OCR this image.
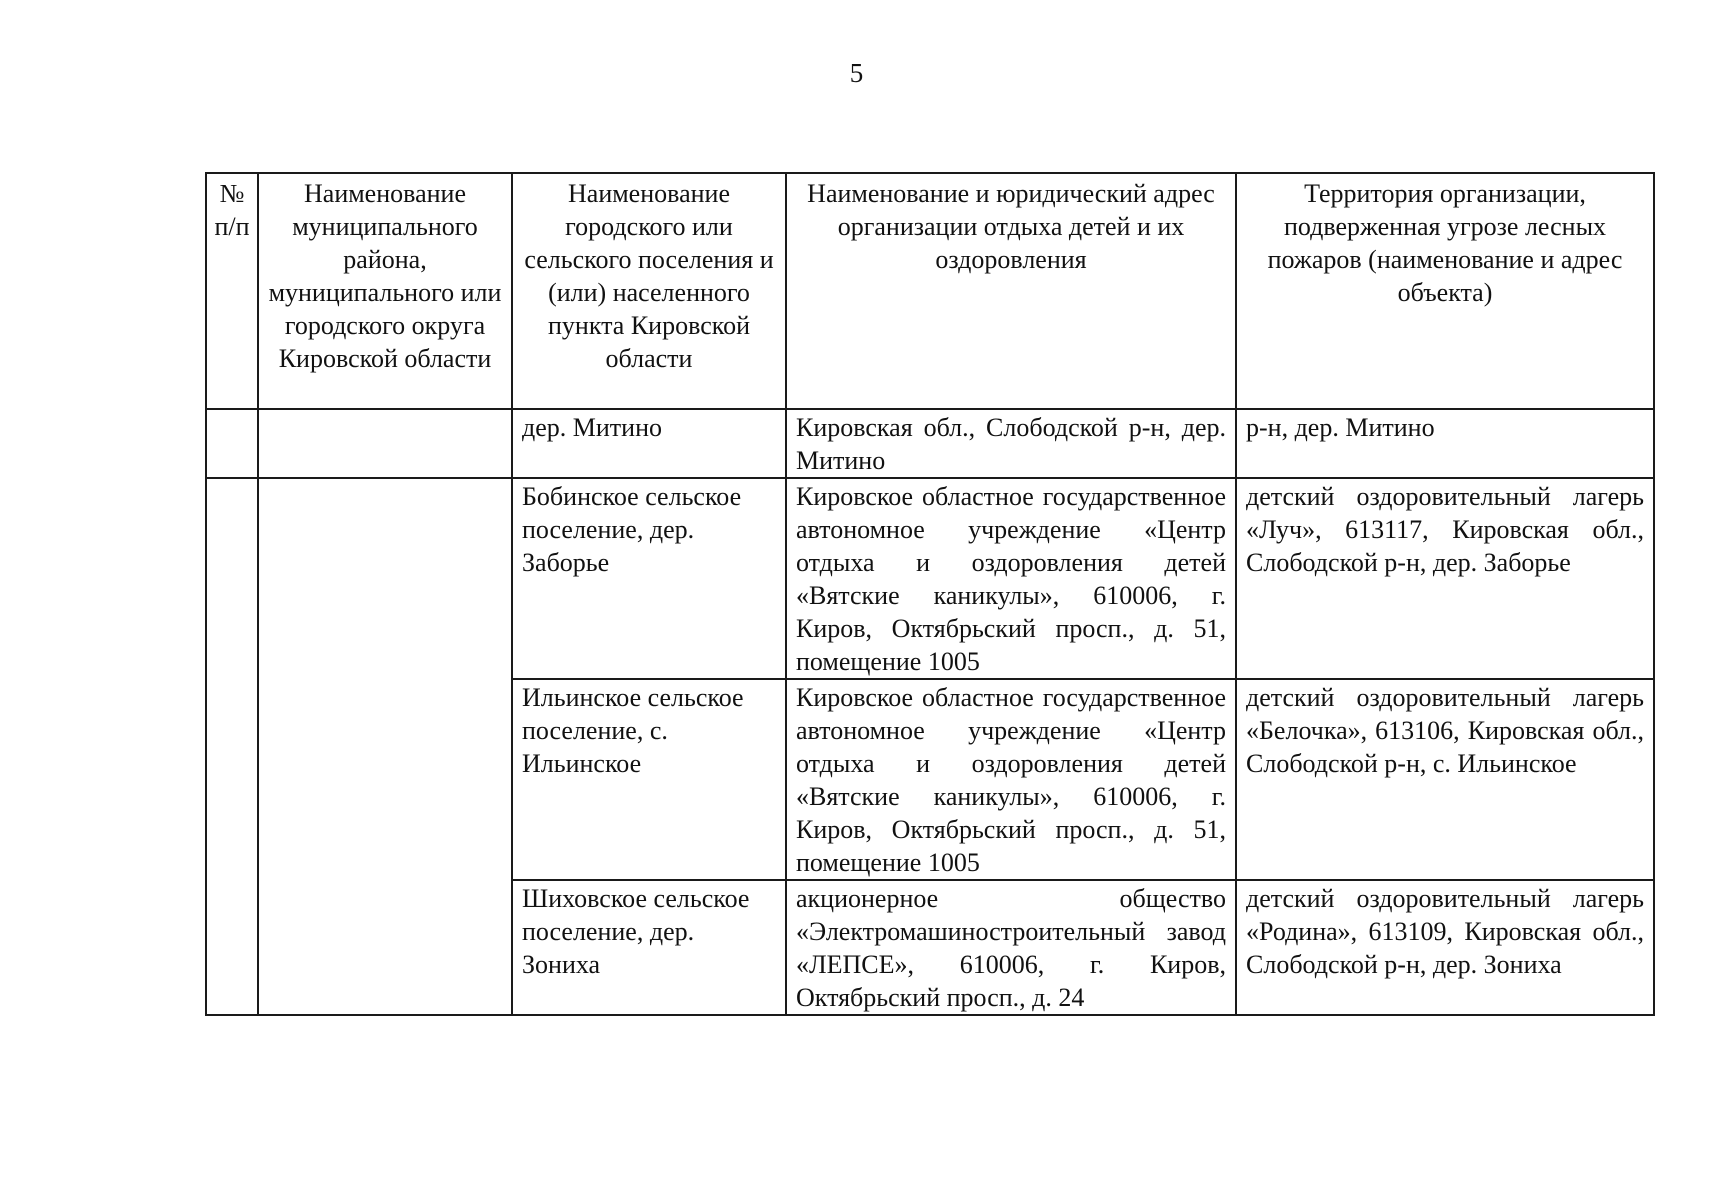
5
№ п/п	Наименование муниципального района, муниципального или городского округа Кировской области	Наименование городского или сельского поселения и (или) населенного пункта Кировской области	Наименование и юридический адрес организации отдыха детей и их оздоровления	Территория организации, подверженная угрозе лесных пожаров (наименование и адрес объекта)
		дер. Митино	Кировская обл., Слободской р-н, дер. Митино	р-н, дер. Митино
		Бобинское сельское поселение, дер. Заборье	Кировское областное государственное автономное учреждение «Центр отдыха и оздоровления детей «Вятские каникулы», 610006, г. Киров, Октябрьский просп., д. 51, помещение 1005	детский оздоровительный лагерь «Луч», 613117, Кировская обл., Слободской р-н, дер. Заборье
		Ильинское сельское поселение, с. Ильинское	Кировское областное государственное автономное учреждение «Центр отдыха и оздоровления детей «Вятские каникулы», 610006, г. Киров, Октябрьский просп., д. 51, помещение 1005	детский оздоровительный лагерь «Белочка», 613106, Кировская обл., Слободской р-н, с. Ильинское
		Шиховское сельское поселение, дер. Зониха	акционерное общество «Электромашиностроительный завод «ЛЕПСЕ», 610006, г. Киров, Октябрьский просп., д. 24	детский оздоровительный лагерь «Родина», 613109, Кировская обл., Слободской р-н, дер. Зониха
